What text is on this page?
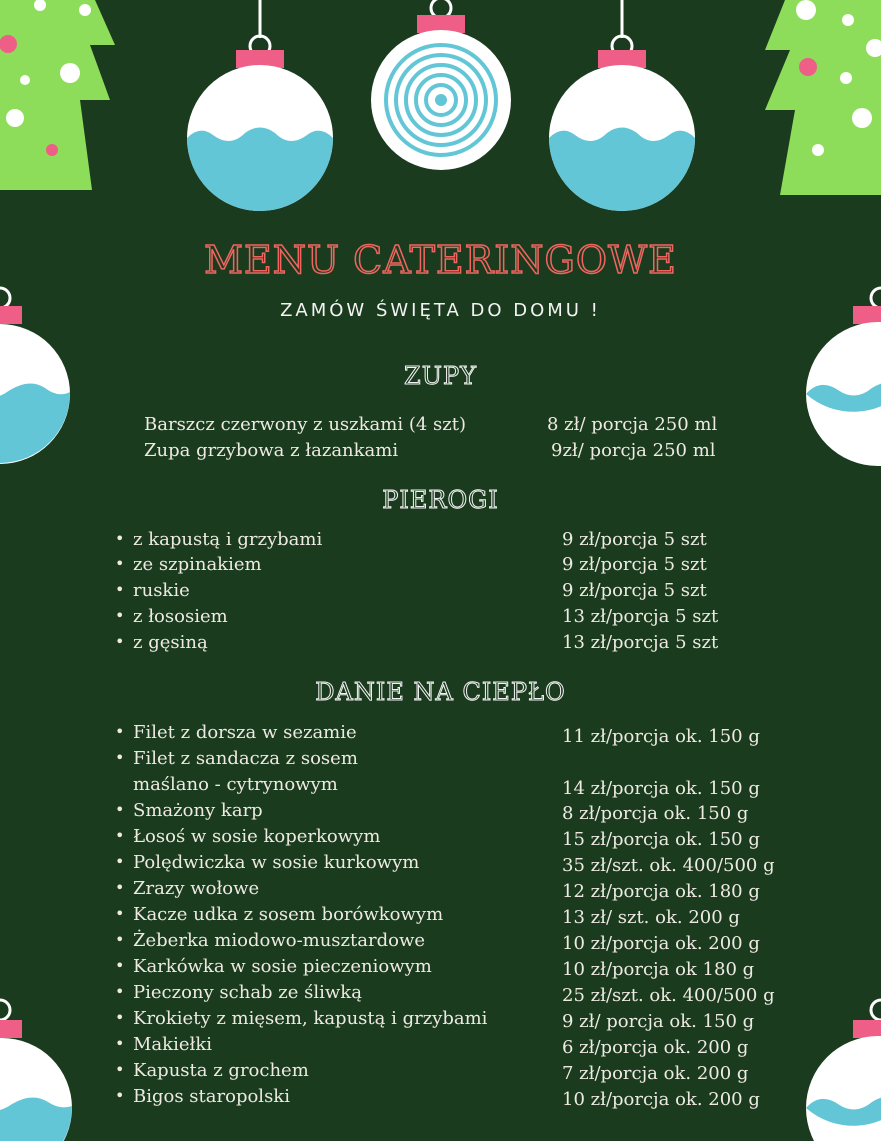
MENU CATERINGOWE
ZAMÓW ŚWIĘTA DO DOMU !
ZUPY
Barszcz czerwony z uszkami (4 szt)	8 zł/ porcja 250 ml
Zupa grzybowa z łazankami	9zł/ porcja 250 ml
PIEROGI
• z kapustą i grzybami	9 zł/porcja 5 szt
• ze szpinakiem	9 zł/porcja 5 szt
• ruskie	9 zł/porcja 5 szt
• z łososiem	13 zł/porcja 5 szt
• z gęsiną	13 zł/porcja 5 szt
DANIE NA CIEPŁO
• Filet z dorsza w sezamie	11 zł/porcja ok. 150 g
• Filet z sandacza z sosem
maślano - cytrynowym	14 zł/porcja ok. 150 g
• Smażony karp	8 zł/porcja ok. 150 g
• Łosoś w sosie koperkowym	15 zł/porcja ok. 150 g
• Polędwiczka w sosie kurkowym	35 zł/szt. ok. 400/500 g
• Zrazy wołowe	12 zł/porcja ok. 180 g
• Kacze udka z sosem borówkowym	13 zł/ szt. ok. 200 g
• Żeberka miodowo-musztardowe	10 zł/porcja ok. 200 g
• Karkówka w sosie pieczeniowym	10 zł/porcja ok 180 g
• Pieczony schab ze śliwką	25 zł/szt. ok. 400/500 g
• Krokiety z mięsem, kapustą i grzybami	9 zł/ porcja ok. 150 g
• Makiełki	6 zł/porcja ok. 200 g
• Kapusta z grochem	7 zł/porcja ok. 200 g
• Bigos staropolski	10 zł/porcja ok. 200 g
